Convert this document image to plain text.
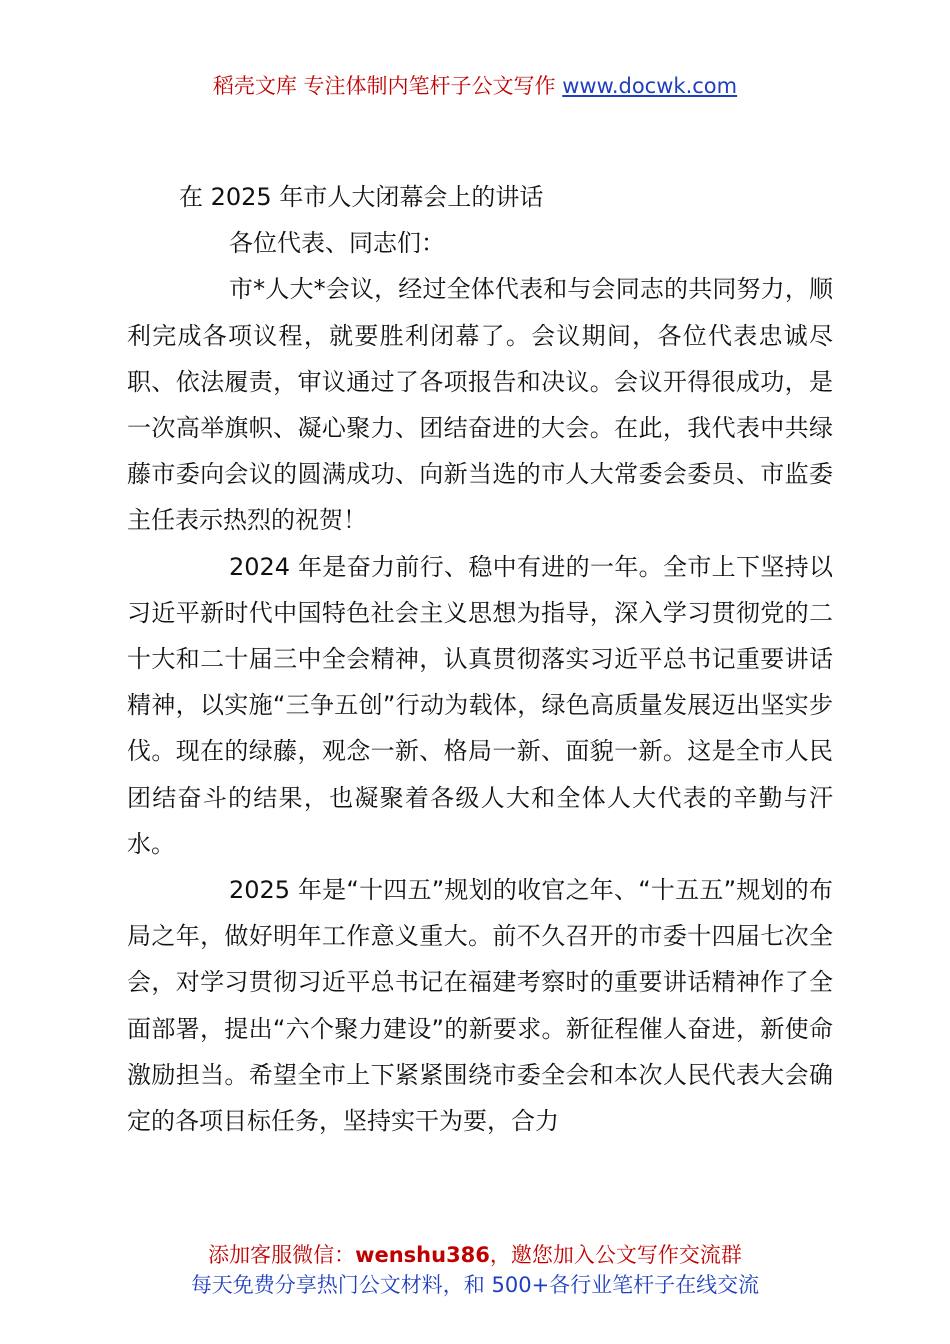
稻壳文库 专注体制内笔杆子公文写作 www.docwk.com

在 2025 年市人大闭幕会上的讲话

各位代表、同志们：

市*人大*会议，经过全体代表和与会同志的共同努力，顺利完成各项议程，就要胜利闭幕了。会议期间，各位代表忠诚尽职、依法履责，审议通过了各项报告和决议。会议开得很成功，是一次高举旗帜、凝心聚力、团结奋进的大会。在此，我代表中共绿藤市委向会议的圆满成功、向新当选的市人大常委会委员、市监委主任表示热烈的祝贺！

2024 年是奋力前行、稳中有进的一年。全市上下坚持以习近平新时代中国特色社会主义思想为指导，深入学习贯彻党的二十大和二十届三中全会精神，认真贯彻落实习近平总书记重要讲话精神，以实施“三争五创”行动为载体，绿色高质量发展迈出坚实步伐。现在的绿藤，观念一新、格局一新、面貌一新。这是全市人民团结奋斗的结果，也凝聚着各级人大和全体人大代表的辛勤与汗水。

2025 年是“十四五”规划的收官之年、“十五五”规划的布局之年，做好明年工作意义重大。前不久召开的市委十四届七次全会，对学习贯彻习近平总书记在福建考察时的重要讲话精神作了全面部署，提出“六个聚力建设”的新要求。新征程催人奋进，新使命激励担当。希望全市上下紧紧围绕市委全会和本次人民代表大会确定的各项目标任务，坚持实干为要，合力

添加客服微信：wenshu386，邀您加入公文写作交流群
每天免费分享热门公文材料，和 500+各行业笔杆子在线交流
